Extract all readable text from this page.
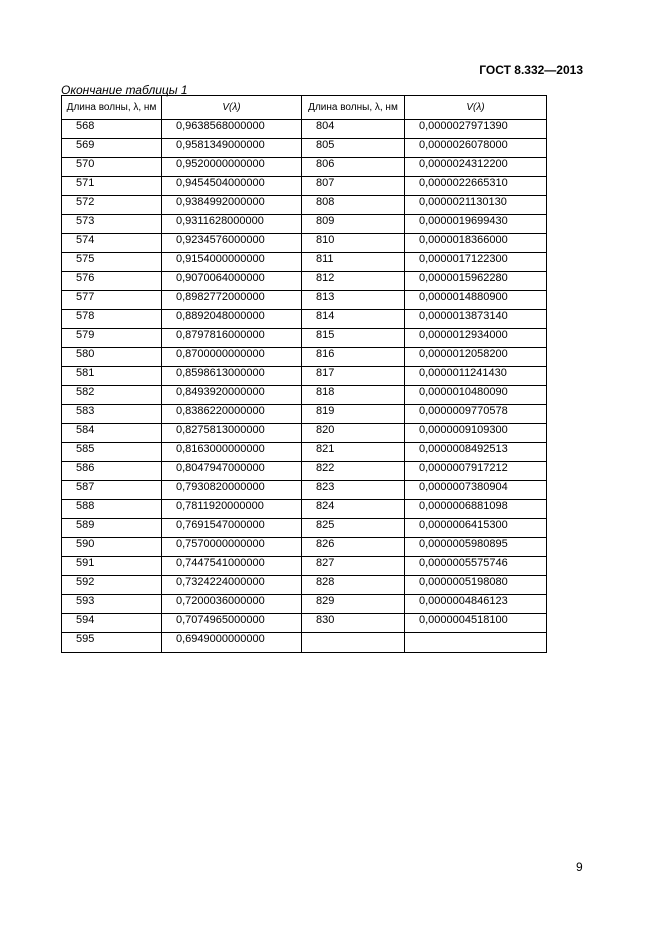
ГОСТ 8.332—2013
Окончание таблицы 1
Длина волны, λ, нм	V(λ)	Длина волны, λ, нм	V(λ)
568	0,9638568000000	804	0,0000027971390
569	0,9581349000000	805	0,0000026078000
570	0,9520000000000	806	0,0000024312200
571	0,9454504000000	807	0,0000022665310
572	0,9384992000000	808	0,0000021130130
573	0,9311628000000	809	0,0000019699430
574	0,9234576000000	810	0,0000018366000
575	0,9154000000000	811	0,0000017122300
576	0,9070064000000	812	0,0000015962280
577	0,8982772000000	813	0,0000014880900
578	0,8892048000000	814	0,0000013873140
579	0,8797816000000	815	0,0000012934000
580	0,8700000000000	816	0,0000012058200
581	0,8598613000000	817	0,0000011241430
582	0,8493920000000	818	0,0000010480090
583	0,8386220000000	819	0,0000009770578
584	0,8275813000000	820	0,0000009109300
585	0,8163000000000	821	0,0000008492513
586	0,8047947000000	822	0,0000007917212
587	0,7930820000000	823	0,0000007380904
588	0,7811920000000	824	0,0000006881098
589	0,7691547000000	825	0,0000006415300
590	0,7570000000000	826	0,0000005980895
591	0,7447541000000	827	0,0000005575746
592	0,7324224000000	828	0,0000005198080
593	0,7200036000000	829	0,0000004846123
594	0,7074965000000	830	0,0000004518100
595	0,6949000000000		
9
